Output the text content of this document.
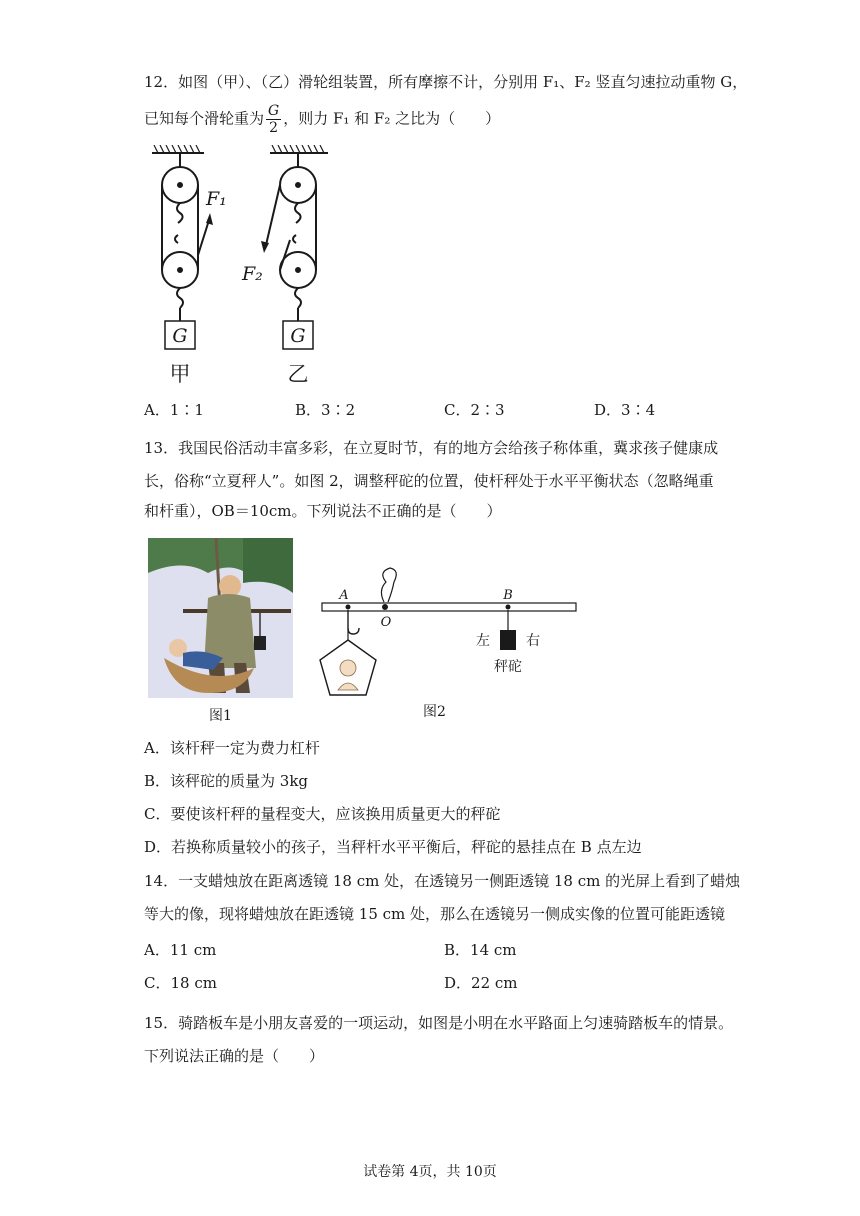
12．如图（甲）、（乙）滑轮组装置，所有摩擦不计，分别用 F₁、F₂ 竖直匀速拉动重物 G，
已知每个滑轮重为 $\frac{G}{2}$ ，则力 F₁ 和 F₂ 之比为（　　）
F₁
G
甲
F₂
G
乙
A．1∶1	B．3∶2	C．2∶3	D．3∶4
13．我国民俗活动丰富多彩，在立夏时节，有的地方会给孩子称体重，冀求孩子健康成
长，俗称“立夏秤人”。如图 2，调整秤砣的位置，使杆秤处于水平平衡状态（忽略绳重
和杆重），OB＝10cm。下列说法不正确的是（　　）
A
O
B
左	右
秤砣
图1	图2
A．该杆秤一定为费力杠杆
B．该秤砣的质量为 3kg
C．要使该杆秤的量程变大，应该换用质量更大的秤砣
D．若换称质量较小的孩子，当秤杆水平平衡后，秤砣的悬挂点在 B 点左边
14．一支蜡烛放在距离透镜 18 cm 处，在透镜另一侧距透镜 18 cm 的光屏上看到了蜡烛
等大的像，现将蜡烛放在距透镜 15 cm 处，那么在透镜另一侧成实像的位置可能距透镜
A．11 cm	B．14 cm
C．18 cm	D．22 cm
15．骑踏板车是小朋友喜爱的一项运动，如图是小明在水平路面上匀速骑踏板车的情景。
下列说法正确的是（　　）
试卷第 4页，共 10页
